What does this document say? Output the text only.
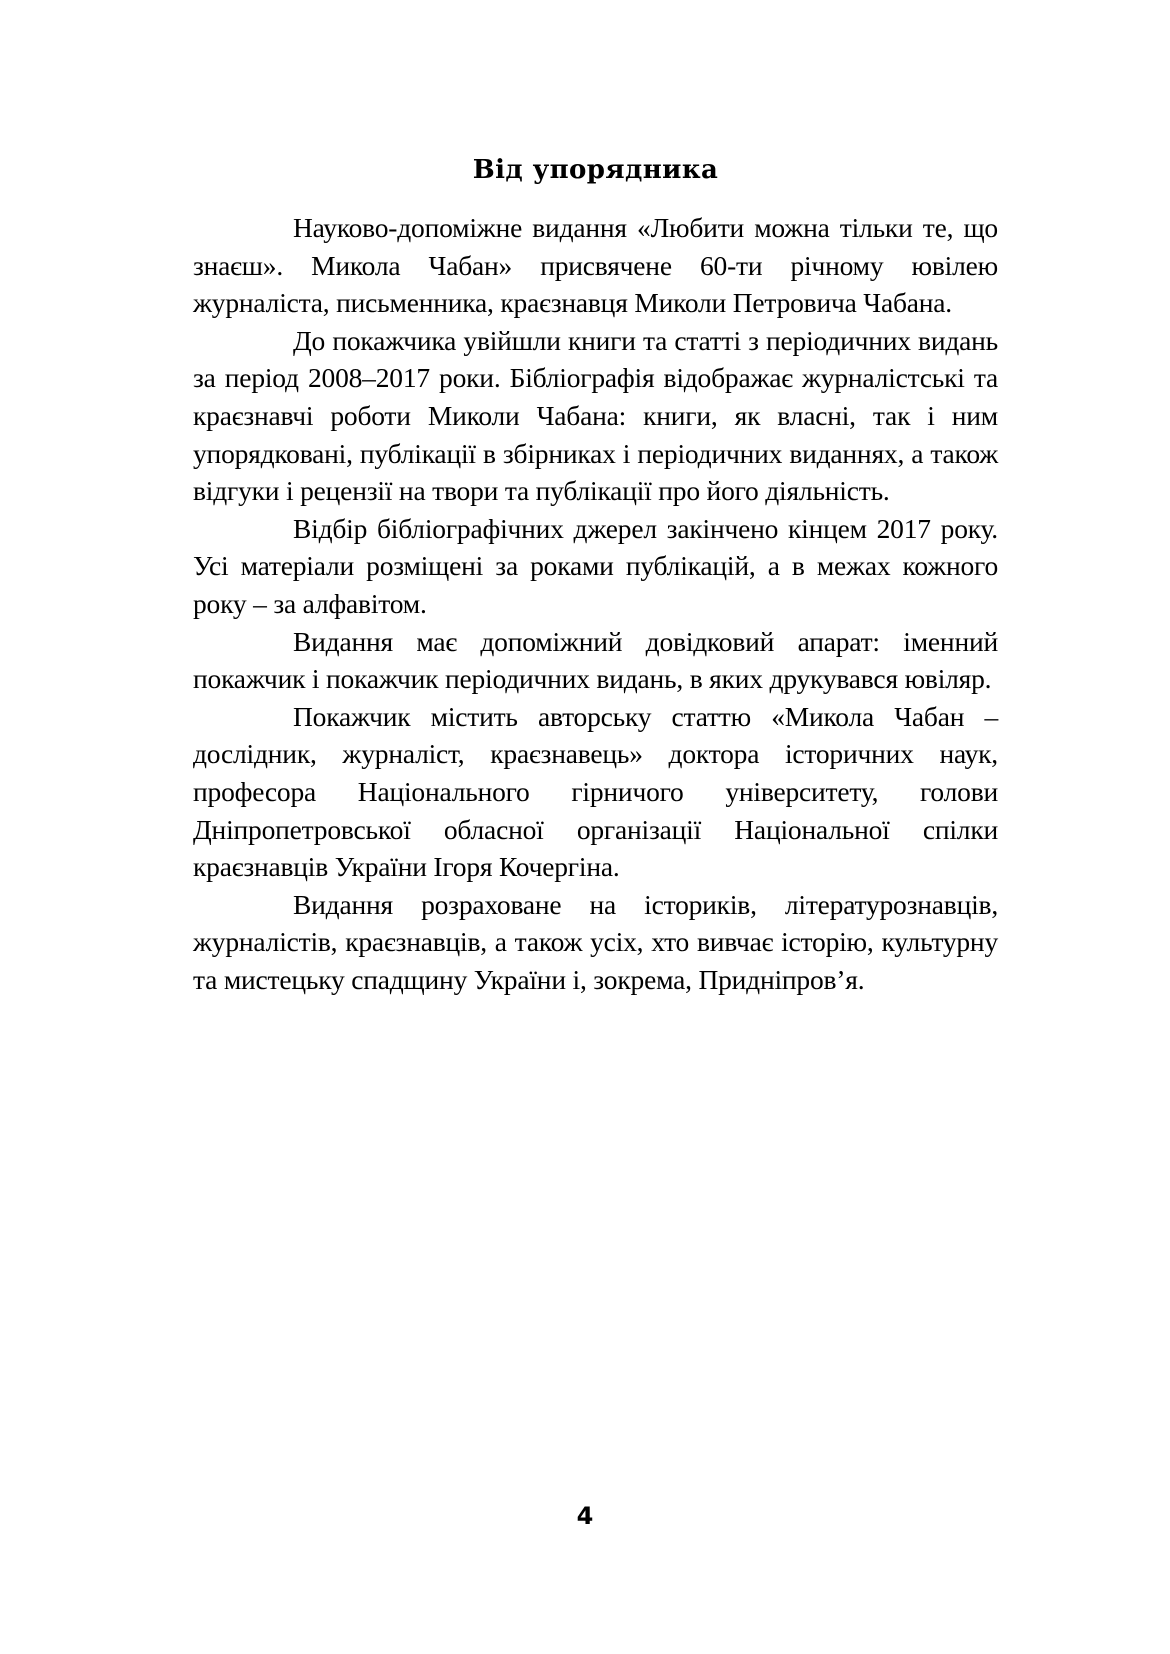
Від упорядника

Науково-допоміжне видання «Любити можна тільки те, що знаєш». Микола Чабан» присвячене 60-ти річному ювілею журналіста, письменника, краєзнавця Миколи Петровича Чабана.

До покажчика увійшли книги та статті з періодичних видань за період 2008–2017 роки. Бібліографія відображає журналістські та краєзнавчі роботи Миколи Чабана: книги, як власні, так і ним упорядковані, публікації в збірниках і періодичних виданнях, а також відгуки і рецензії на твори та публікації про його діяльність.

Відбір бібліографічних джерел закінчено кінцем 2017 року. Усі матеріали розміщені за роками публікацій, а в межах кожного року – за алфавітом.

Видання має допоміжний довідковий апарат: іменний покажчик і покажчик періодичних видань, в яких друкувався ювіляр.

Покажчик містить авторську статтю «Микола Чабан – дослідник, журналіст, краєзнавець» доктора історичних наук, професора Національного гірничого університету, голови Дніпропетровської обласної організації Національної спілки краєзнавців України Ігоря Кочергіна.

Видання розраховане на істориків, літературознавців, журналістів, краєзнавців, а також усіх, хто вивчає історію, культурну та мистецьку спадщину України і, зокрема, Придніпров’я.

4
